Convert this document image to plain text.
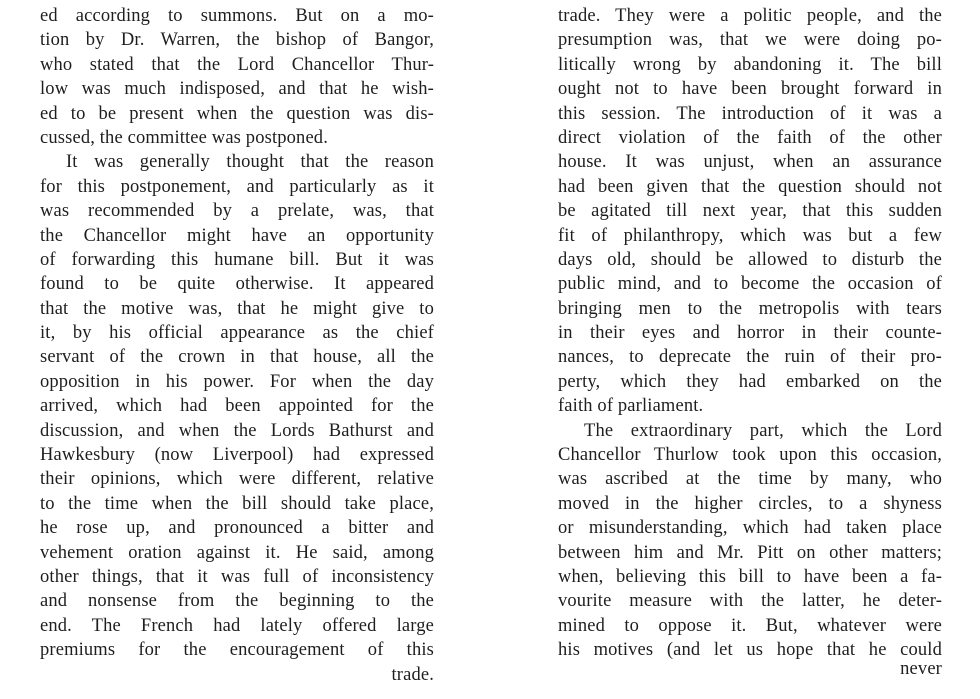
ed according to summons. But on a mo-
tion by Dr. Warren, the bishop of Bangor,
who stated that the Lord Chancellor Thur-
low was much indisposed, and that he wish-
ed to be present when the question was dis-
cussed, the committee was postponed.
It was generally thought that the reason
for this postponement, and particularly as it
was recommended by a prelate, was, that
the Chancellor might have an opportunity
of forwarding this humane bill. But it was
found to be quite otherwise. It appeared
that the motive was, that he might give to
it, by his official appearance as the chief
servant of the crown in that house, all the
opposition in his power. For when the day
arrived, which had been appointed for the
discussion, and when the Lords Bathurst and
Hawkesbury (now Liverpool) had expressed
their opinions, which were different, relative
to the time when the bill should take place,
he rose up, and pronounced a bitter and
vehement oration against it. He said, among
other things, that it was full of inconsistency
and nonsense from the beginning to the
end. The French had lately offered large
premiums for the encouragement of this
trade.
trade. They were a politic people, and the
presumption was, that we were doing po-
litically wrong by abandoning it. The bill
ought not to have been brought forward in
this session. The introduction of it was a
direct violation of the faith of the other
house. It was unjust, when an assurance
had been given that the question should not
be agitated till next year, that this sudden
fit of philanthropy, which was but a few
days old, should be allowed to disturb the
public mind, and to become the occasion of
bringing men to the metropolis with tears
in their eyes and horror in their counte-
nances, to deprecate the ruin of their pro-
perty, which they had embarked on the
faith of parliament.
The extraordinary part, which the Lord
Chancellor Thurlow took upon this occasion,
was ascribed at the time by many, who
moved in the higher circles, to a shyness
or misunderstanding, which had taken place
between him and Mr. Pitt on other matters;
when, believing this bill to have been a fa-
vourite measure with the latter, he deter-
mined to oppose it. But, whatever were
his motives (and let us hope that he could
never
